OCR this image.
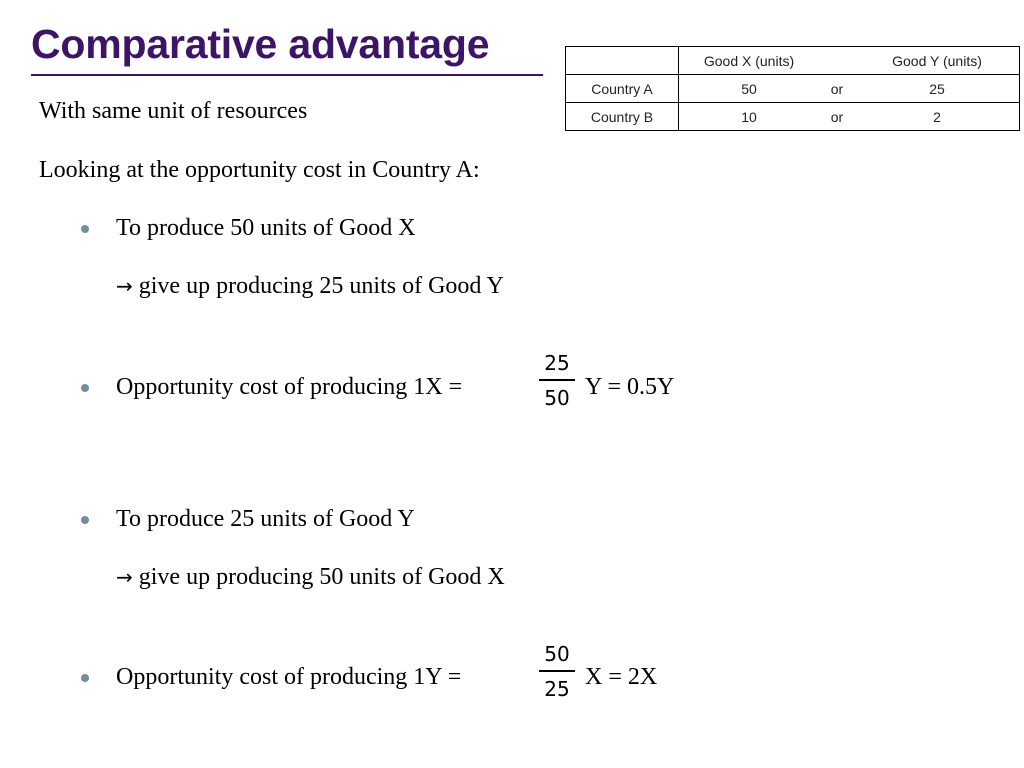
Comparative advantage
With same unit of resources
Looking at the opportunity cost in Country A:
	Good X (units)		Good Y (units)
Country A	50	or	25
Country B	10	or	2
To produce 50 units of Good X
→ give up producing 25 units of Good Y
Opportunity cost of producing 1X =
25
50 Y = 0.5Y
To produce 25 units of Good Y
→ give up producing 50 units of Good X
Opportunity cost of producing 1Y =
50
25 X = 2X
